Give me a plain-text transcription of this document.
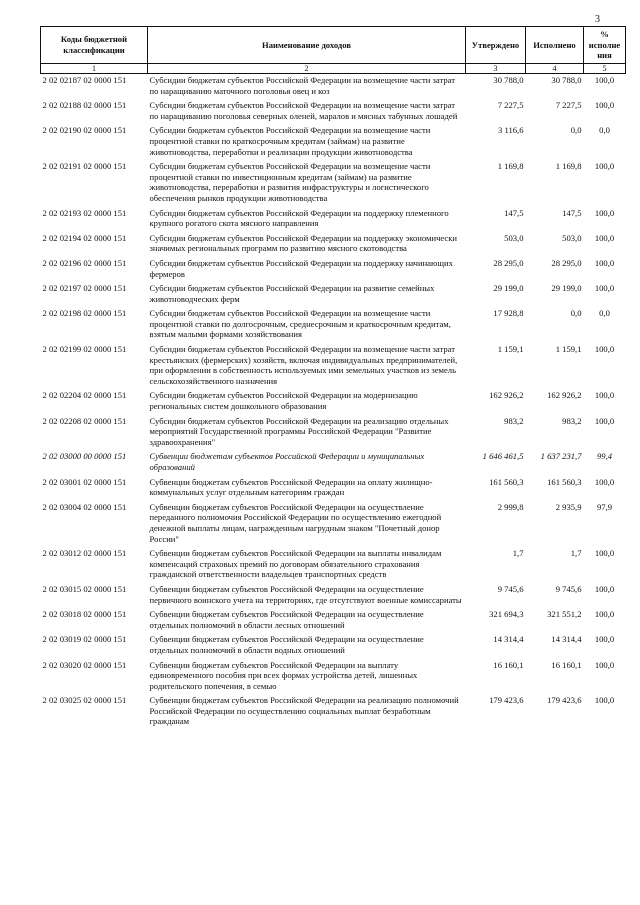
3
Коды бюджетной классификации	Наименование доходов	Утверждено	Исполнено	% исполне ния
1	2	3	4	5
2 02 02187 02 0000 151	Субсидии бюджетам субъектов Российской Федерации на возмещение части затрат по наращиванию маточного поголовья овец и коз	30 788,0	30 788,0	100,0
2 02 02188 02 0000 151	Субсидии бюджетам субъектов Российской Федерации на возмещение части затрат по наращиванию поголовья северных оленей, маралов и мясных табунных лошадей	7 227,5	7 227,5	100,0
2 02 02190 02 0000 151	Субсидии бюджетам субъектов Российской Федерации на возмещение части процентной ставки по краткосрочным кредитам (займам) на развитие животноводства, переработки и реализации продукции животноводства	3 116,6	0,0	0,0
2 02 02191 02 0000 151	Субсидии бюджетам субъектов Российской Федерации на возмещение части процентной ставки по инвестиционным кредитам (займам) на развитие животноводства, переработки и развития инфраструктуры и логистического обеспечения рынков продукции животноводства	1 169,8	1 169,8	100,0
2 02 02193 02 0000 151	Субсидии бюджетам субъектов Российской Федерации на поддержку племенного крупного рогатого скота мясного направления	147,5	147,5	100,0
2 02 02194 02 0000 151	Субсидии бюджетам субъектов Российской Федерации на поддержку экономически значимых региональных программ по развитию мясного скотоводства	503,0	503,0	100,0
2 02 02196 02 0000 151	Субсидии бюджетам субъектов Российской Федерации на поддержку начинающих фермеров	28 295,0	28 295,0	100,0
2 02 02197 02 0000 151	Субсидии бюджетам субъектов Российской Федерации на развитие семейных животноводческих ферм	29 199,0	29 199,0	100,0
2 02 02198 02 0000 151	Субсидии бюджетам субъектов Российской Федерации на возмещение части процентной ставки по долгосрочным, среднесрочным и краткосрочным кредитам, взятым малыми формами хозяйствования	17 928,8	0,0	0,0
2 02 02199 02 0000 151	Субсидии бюджетам субъектов Российской Федерации на возмещение части затрат крестьянских (фермерских) хозяйств, включая индивидуальных предпринимателей, при оформлении в собственность используемых ими земельных участков из земель сельскохозяйственного назначения	1 159,1	1 159,1	100,0
2 02 02204 02 0000 151	Субсидии бюджетам субъектов Российской Федерации на модернизацию региональных систем дошкольного образования	162 926,2	162 926,2	100,0
2 02 02208 02 0000 151	Субсидии бюджетам субъектов Российской Федерации на реализацию отдельных мероприятий Государственной программы Российской Федерации "Развитие здравоохранения"	983,2	983,2	100,0
2 02 03000 00 0000 151	Субвенции бюджетам субъектов Российской Федерации и муниципальных образований	1 646 461,5	1 637 231,7	99,4
2 02 03001 02 0000 151	Субвенции бюджетам субъектов Российской Федерации на оплату жилищно-коммунальных услуг отдельным категориям граждан	161 560,3	161 560,3	100,0
2 02 03004 02 0000 151	Субвенции бюджетам субъектов Российской Федерации на осуществление переданного полномочия Российской Федерации по осуществлению ежегодной денежной выплаты лицам, награжденным нагрудным знаком "Почетный донор России"	2 999,8	2 935,9	97,9
2 02 03012 02 0000 151	Субвенции бюджетам субъектов Российской Федерации на выплаты инвалидам компенсаций страховых премий по договорам обязательного страхования гражданской ответственности владельцев транспортных средств	1,7	1,7	100,0
2 02 03015 02 0000 151	Субвенции бюджетам субъектов Российской Федерации на осуществление первичного воинского учета на территориях, где отсутствуют военные комиссариаты	9 745,6	9 745,6	100,0
2 02 03018 02 0000 151	Субвенции бюджетам субъектов Российской Федерации на осуществление отдельных полномочий в области лесных отношений	321 694,3	321 551,2	100,0
2 02 03019 02 0000 151	Субвенции бюджетам субъектов Российской Федерации на осуществление отдельных полномочий в области водных отношений	14 314,4	14 314,4	100,0
2 02 03020 02 0000 151	Субвенции бюджетам субъектов Российской Федерации на выплату единовременного пособия при всех формах устройства детей, лишенных родительского попечения, в семью	16 160,1	16 160,1	100,0
2 02 03025 02 0000 151	Субвенции бюджетам субъектов Российской Федерации на реализацию полномочий Российской Федерации по осуществлению социальных выплат безработным гражданам	179 423,6	179 423,6	100,0
